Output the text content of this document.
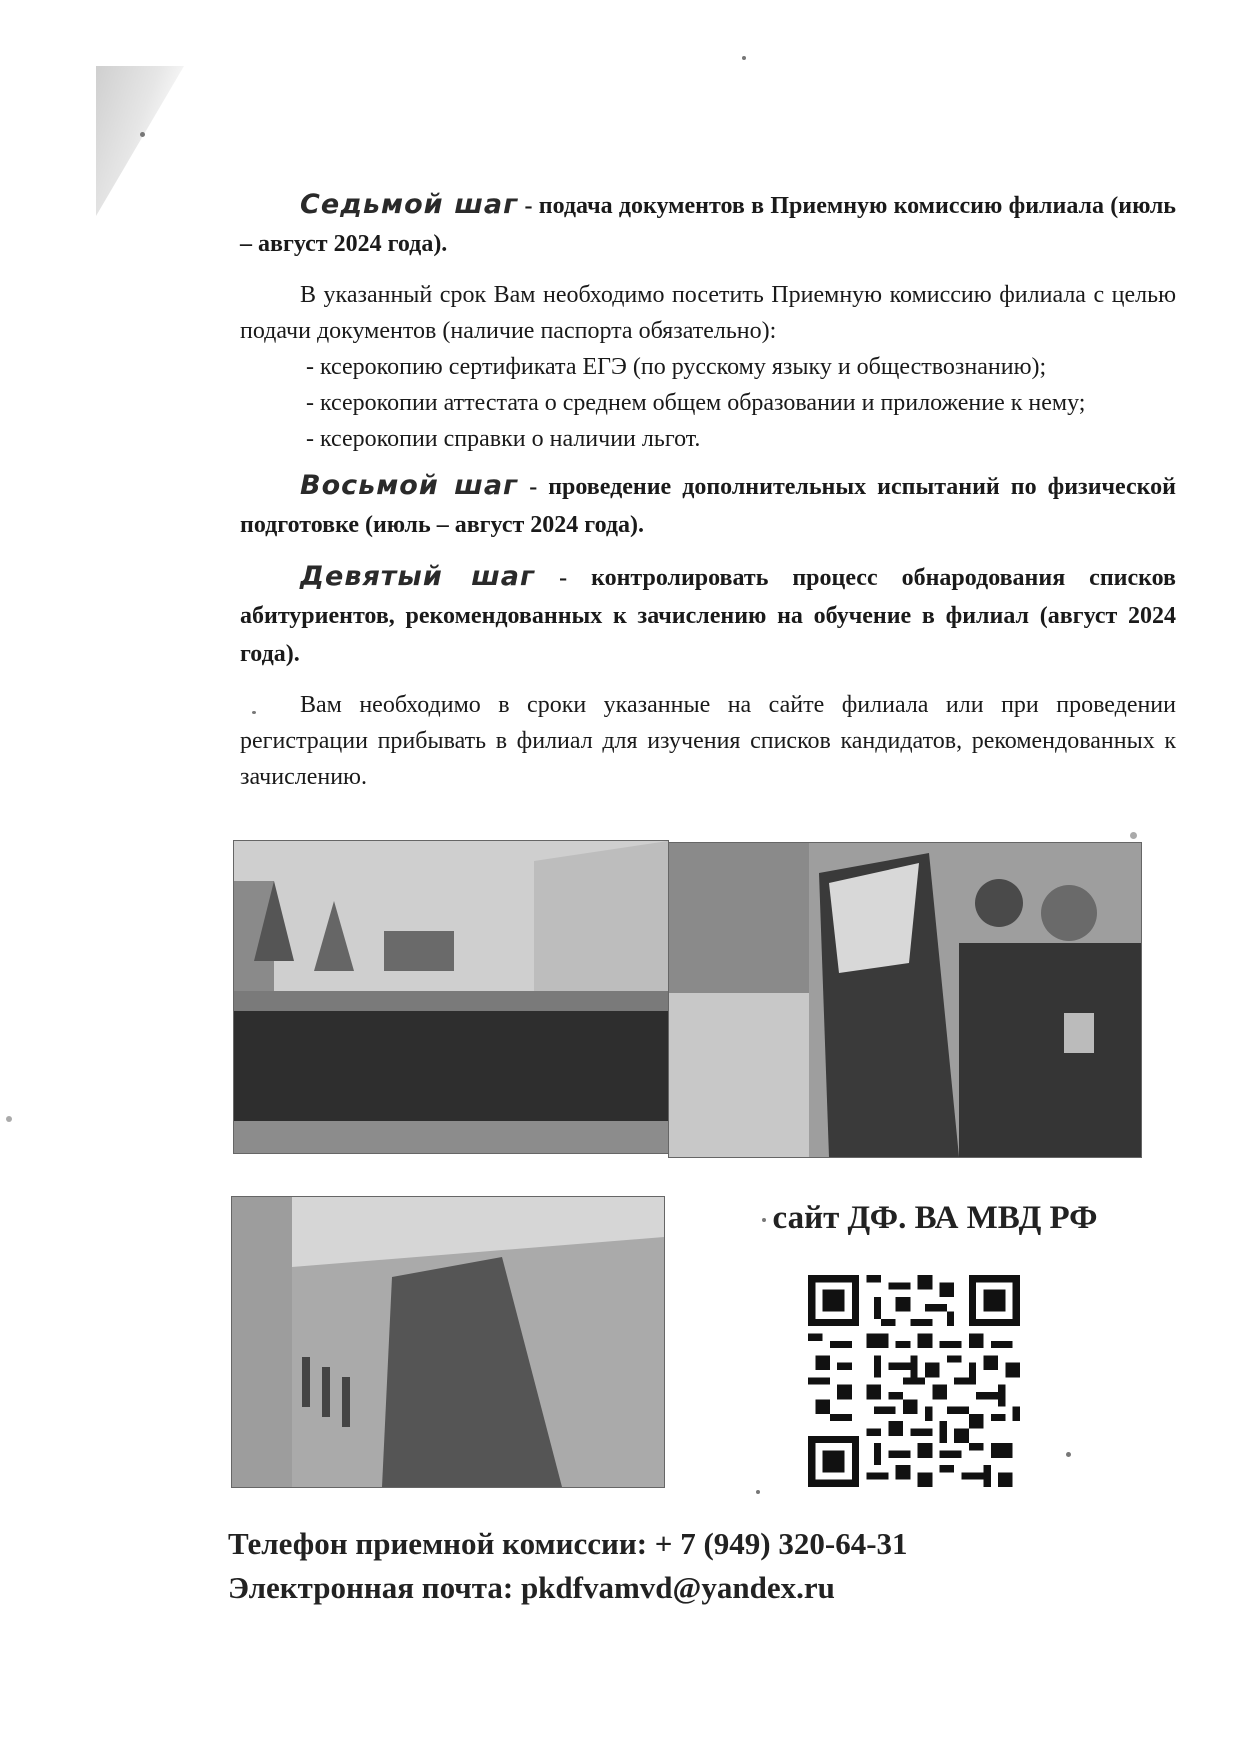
Седьмой шаг - подача документов в Приемную комиссию филиала (июль – август 2024 года).

В указанный срок Вам необходимо посетить Приемную комиссию филиала с целью подачи документов (наличие паспорта обязательно):

- ксерокопию сертификата ЕГЭ (по русскому языку и обществознанию);

- ксерокопии аттестата о среднем общем образовании и приложение к нему;

- ксерокопии справки о наличии льгот.

Восьмой шаг - проведение дополнительных испытаний по физической подготовке (июль – август 2024 года).

Девятый шаг - контролировать процесс обнародования списков абитуриентов, рекомендованных к зачислению на обучение в филиал (август 2024 года).

Вам необходимо в сроки указанные на сайте филиала или при проведении регистрации прибывать в филиал для изучения списков кандидатов, рекомендованных к зачислению.

сайт ДФ. ВА МВД РФ
Телефон приемной комиссии: + 7 (949) 320-64-31
Электронная почта: pkdfvamvd@yandex.ru
